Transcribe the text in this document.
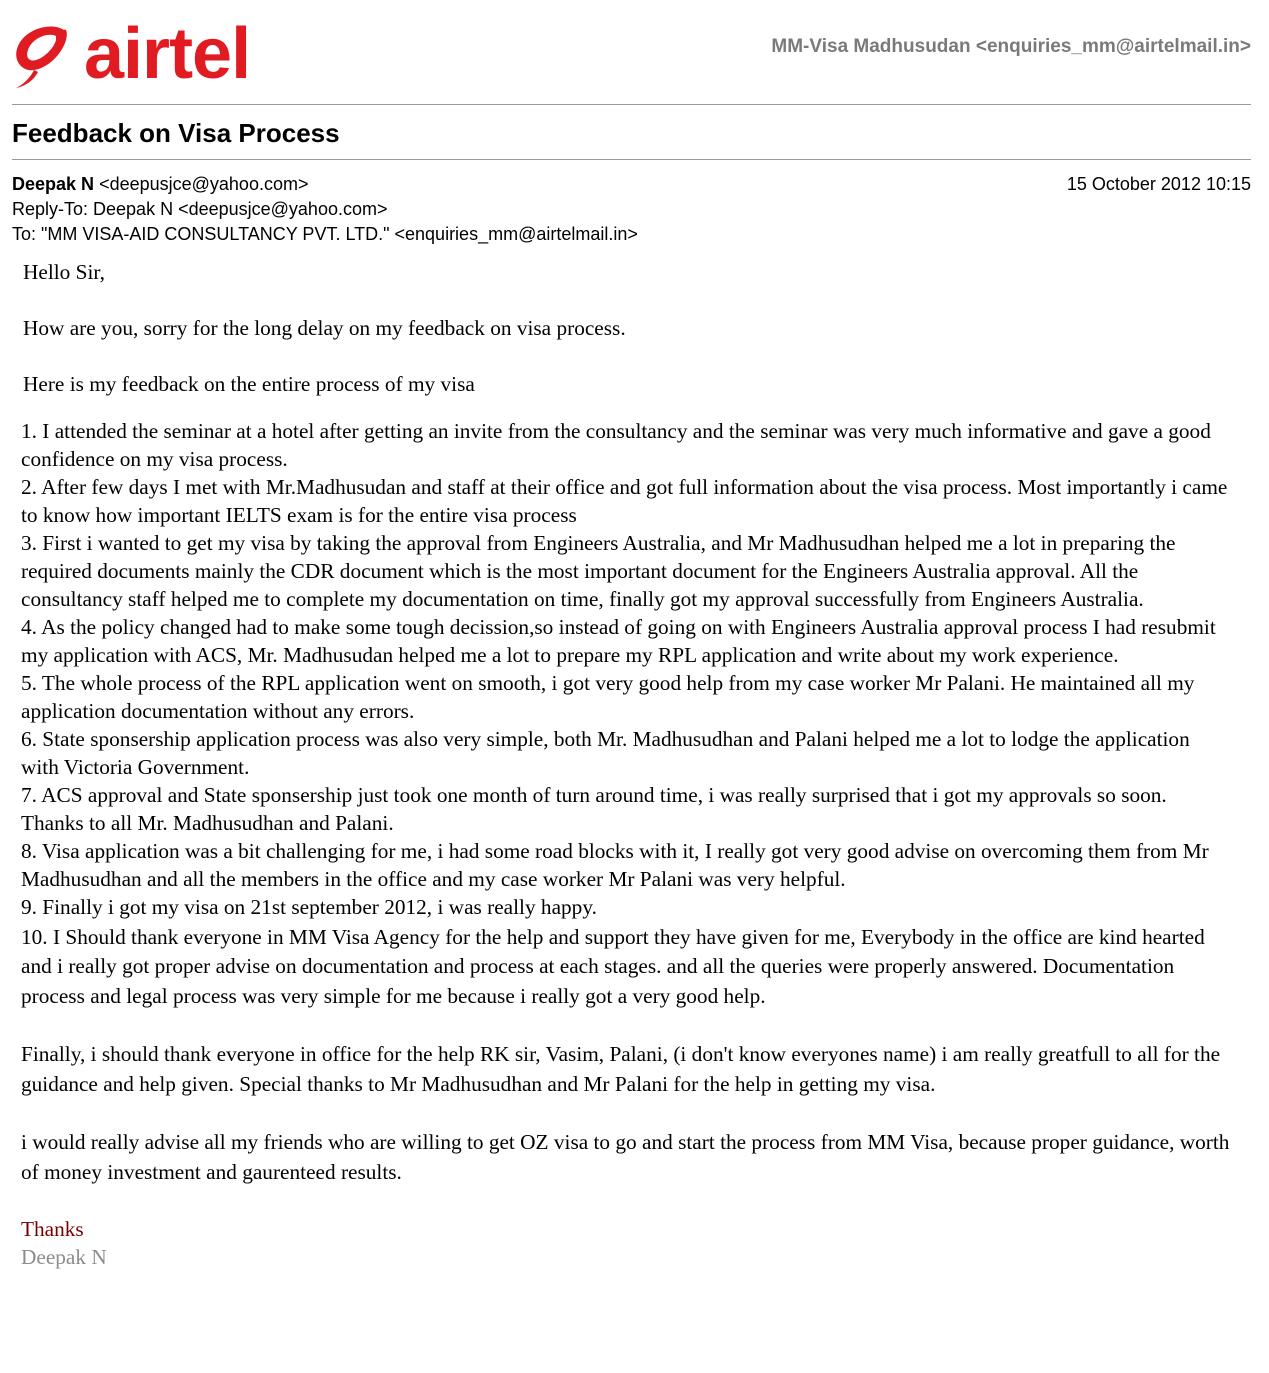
airtel	MM-Visa Madhusudan <enquiries_mm@airtelmail.in>
Feedback on Visa Process
Deepak N <deepusjce@yahoo.com>	15 October 2012 10:15
Reply-To: Deepak N <deepusjce@yahoo.com>
To: "MM VISA-AID CONSULTANCY PVT. LTD." <enquiries_mm@airtelmail.in>

Hello Sir,

How are you, sorry for the long delay on my feedback on visa process.

Here is my feedback on the entire process of my visa

1. I attended the seminar at a hotel after getting an invite from the consultancy and the seminar was very much informative and gave a good confidence on my visa process.

2. After few days I met with Mr.Madhusudan and staff at their office and got full information about the visa process. Most importantly i came to know how important IELTS exam is for the entire visa process

3. First i wanted to get my visa by taking the approval from Engineers Australia, and Mr Madhusudhan helped me a lot in preparing the required documents mainly the CDR document which is the most important document for the Engineers Australia approval. All the consultancy staff helped me to complete my documentation on time, finally got my approval successfully from Engineers Australia.

4. As the policy changed had to make some tough decission,so instead of going on with Engineers Australia approval process I had resubmit my application with ACS, Mr. Madhusudan helped me a lot to prepare my RPL application and write about my work experience.

5. The whole process of the RPL application went on smooth, i got very good help from my case worker Mr Palani. He maintained all my application documentation without any errors.

6. State sponsership application process was also very simple, both Mr. Madhusudhan and Palani helped me a lot to lodge the application with Victoria Government.

7. ACS approval and State sponsership just took one month of turn around time, i was really surprised that i got my approvals so soon. Thanks to all Mr. Madhusudhan and Palani.

8. Visa application was a bit challenging for me, i had some road blocks with it, I really got very good advise on overcoming them from Mr Madhusudhan and all the members in the office and my case worker Mr Palani was very helpful.

9. Finally i got my visa on 21st september 2012, i was really happy.

10. I Should thank everyone in MM Visa Agency for the help and support they have given for me, Everybody in the office are kind hearted and i really got proper advise on documentation and process at each stages. and all the queries were properly answered. Documentation process and legal process was very simple for me because i really got a very good help.

Finally, i should thank everyone in office for the help RK sir, Vasim, Palani, (i don't know everyones name) i am really greatfull to all for the guidance and help given. Special thanks to Mr Madhusudhan and Mr Palani for the help in getting my visa.

i would really advise all my friends who are willing to get OZ visa to go and start the process from MM Visa, because proper guidance, worth of money investment and gaurenteed results.

Thanks

Deepak N
